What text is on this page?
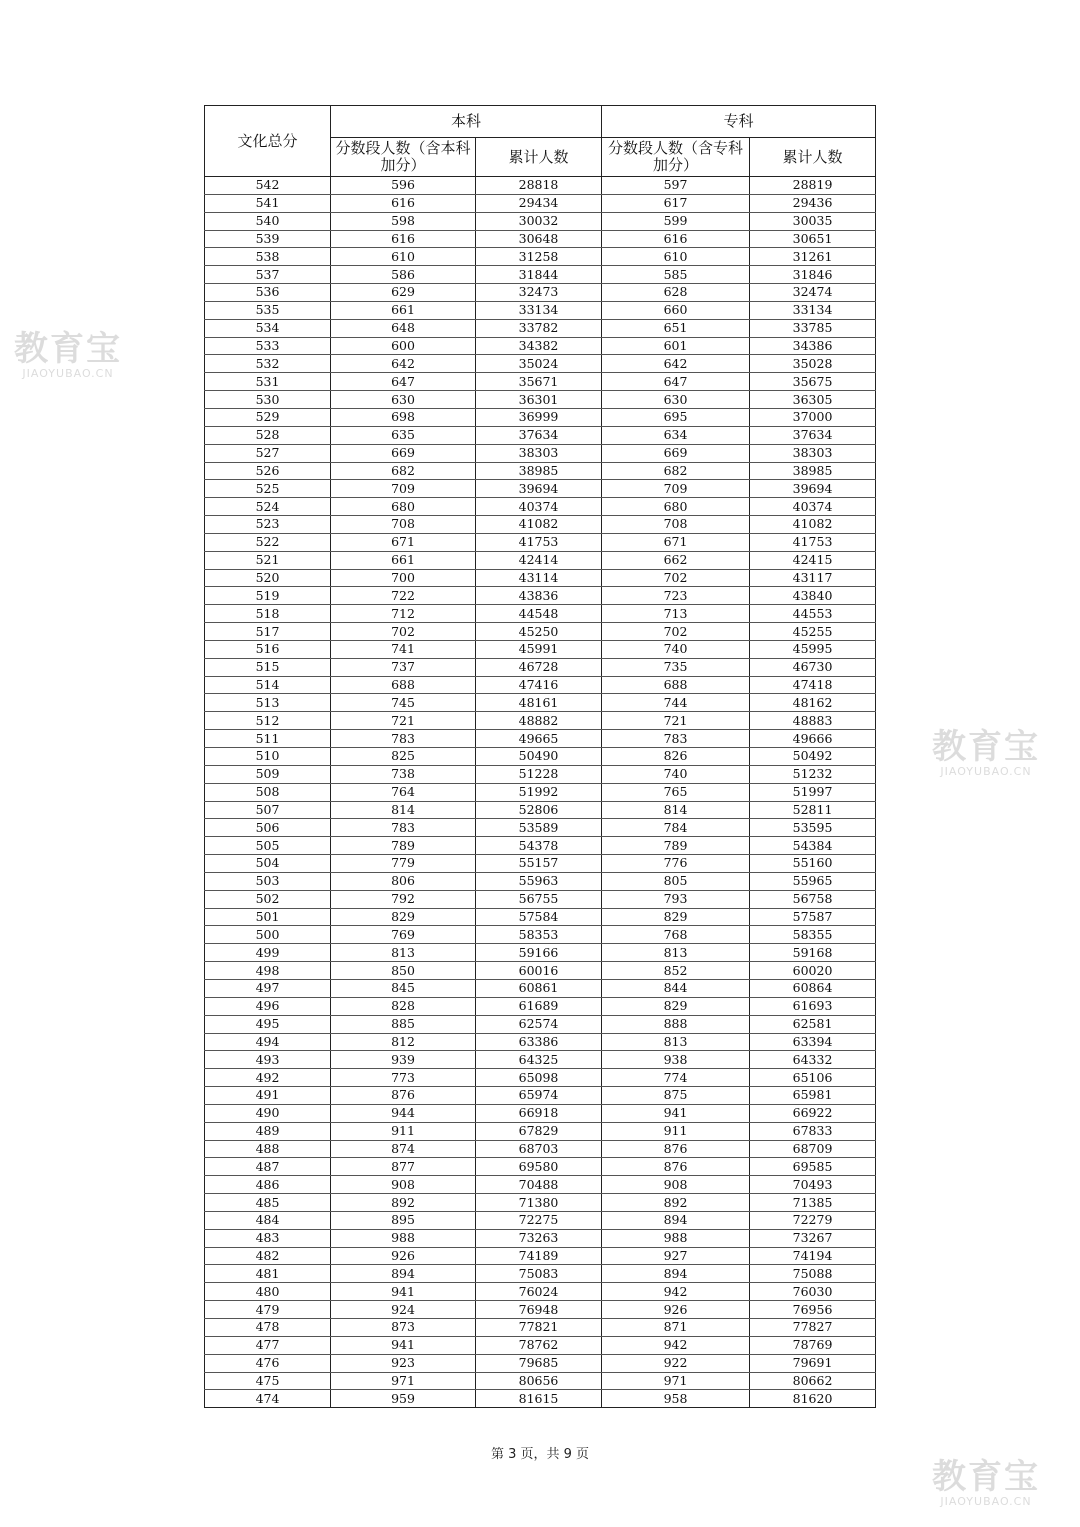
文化总分	本科		专科	
	分数段人数（含本科加分）	累计人数	分数段人数（含专科加分）	累计人数
542	596	28818	597	28819
541	616	29434	617	29436
540	598	30032	599	30035
539	616	30648	616	30651
538	610	31258	610	31261
537	586	31844	585	31846
536	629	32473	628	32474
535	661	33134	660	33134
534	648	33782	651	33785
533	600	34382	601	34386
532	642	35024	642	35028
531	647	35671	647	35675
530	630	36301	630	36305
529	698	36999	695	37000
528	635	37634	634	37634
527	669	38303	669	38303
526	682	38985	682	38985
525	709	39694	709	39694
524	680	40374	680	40374
523	708	41082	708	41082
522	671	41753	671	41753
521	661	42414	662	42415
520	700	43114	702	43117
519	722	43836	723	43840
518	712	44548	713	44553
517	702	45250	702	45255
516	741	45991	740	45995
515	737	46728	735	46730
514	688	47416	688	47418
513	745	48161	744	48162
512	721	48882	721	48883
511	783	49665	783	49666
510	825	50490	826	50492
509	738	51228	740	51232
508	764	51992	765	51997
507	814	52806	814	52811
506	783	53589	784	53595
505	789	54378	789	54384
504	779	55157	776	55160
503	806	55963	805	55965
502	792	56755	793	56758
501	829	57584	829	57587
500	769	58353	768	58355
499	813	59166	813	59168
498	850	60016	852	60020
497	845	60861	844	60864
496	828	61689	829	61693
495	885	62574	888	62581
494	812	63386	813	63394
493	939	64325	938	64332
492	773	65098	774	65106
491	876	65974	875	65981
490	944	66918	941	66922
489	911	67829	911	67833
488	874	68703	876	68709
487	877	69580	876	69585
486	908	70488	908	70493
485	892	71380	892	71385
484	895	72275	894	72279
483	988	73263	988	73267
482	926	74189	927	74194
481	894	75083	894	75088
480	941	76024	942	76030
479	924	76948	926	76956
478	873	77821	871	77827
477	941	78762	942	78769
476	923	79685	922	79691
475	971	80656	971	80662
474	959	81615	958	81620
第 3 页，共 9 页
教育宝
JIAOYUBAO.CN
教育宝
JIAOYUBAO.CN
教育宝
JIAOYUBAO.CN
